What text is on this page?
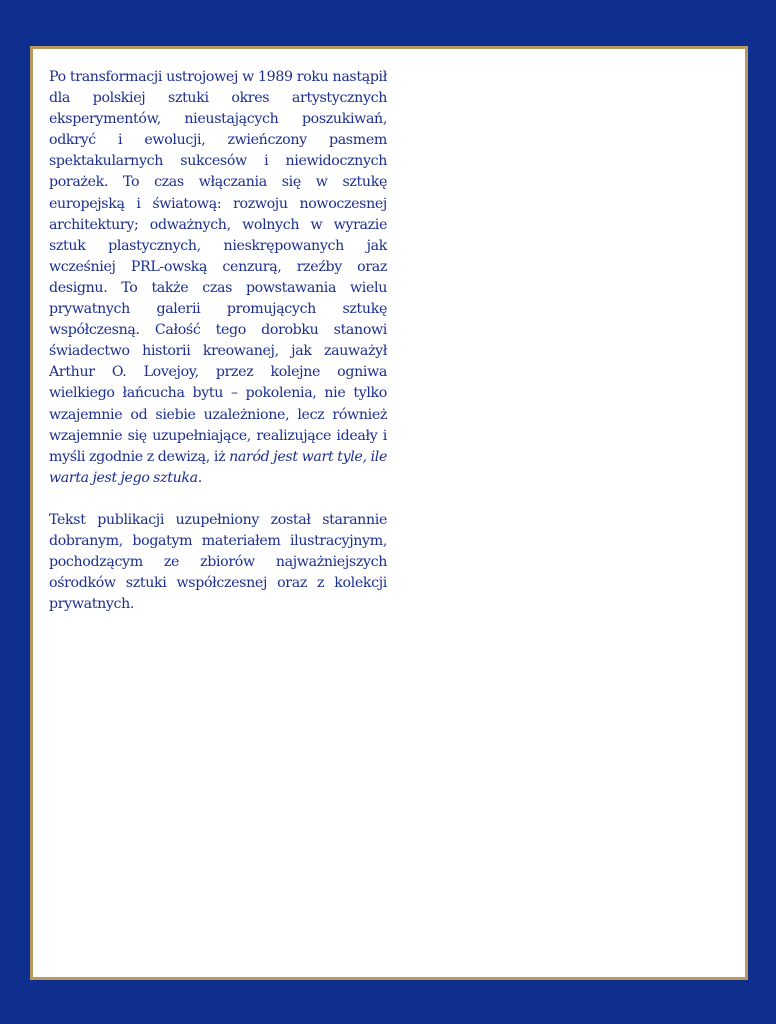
Po transformacji ustrojowej w 1989 roku nastąpił dla polskiej sztuki okres artystycznych eksperymentów, nieustających poszukiwań, odkryć i ewolucji, zwieńczony pasmem spektakularnych sukcesów i niewidocznych porażek. To czas włączania się w sztukę europejską i światową: rozwoju nowoczesnej architektury; odważnych, wolnych w wyrazie sztuk plastycznych, nieskrępowanych jak wcześniej PRL-owską cenzurą, rzeźby oraz designu. To także czas powstawania wielu prywatnych galerii promujących sztukę współczesną. Całość tego dorobku stanowi świadectwo historii kreowanej, jak zauważył Arthur O. Lovejoy, przez kolejne ogniwa wielkiego łańcucha bytu – pokolenia, nie tylko wzajemnie od siebie uzależnione, lecz również wzajemnie się uzupełniające, realizujące ideały i myśli zgodnie z dewizą, iż naród jest wart tyle, ile warta jest jego sztuka.

Tekst publikacji uzupełniony został starannie dobranym, bogatym materiałem ilustracyjnym, pochodzącym ze zbiorów najważniejszych ośrodków sztuki współczesnej oraz z kolekcji prywatnych.
